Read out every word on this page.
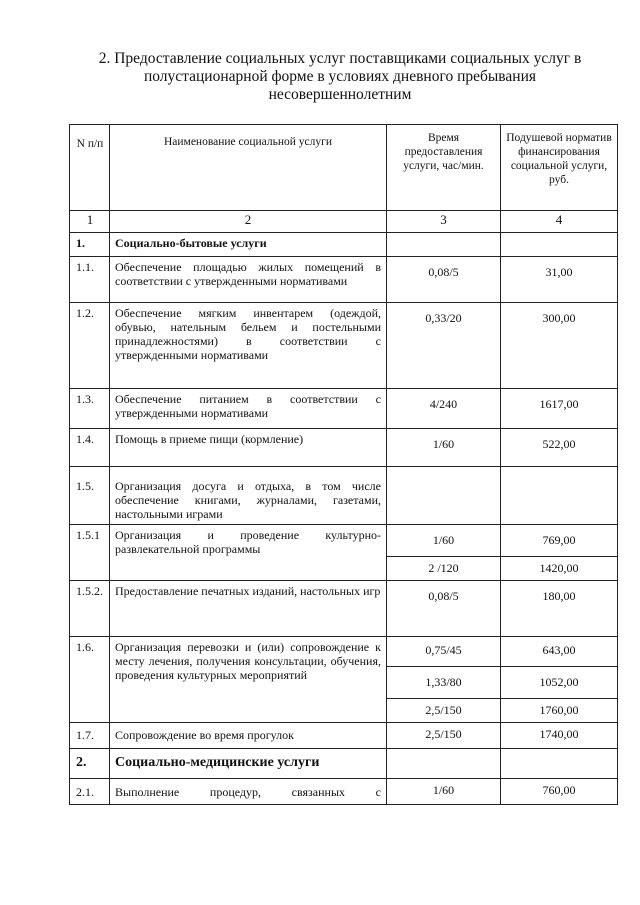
2. Предоставление социальных услуг поставщиками социальных услуг в
полустационарной форме в условиях дневного пребывания
несовершеннолетним
N п/п	Наименование социальной услуги	Время предоставления услуги, час/мин.	Подушевой норматив финансирования социальной услуги, руб.
1	2	3	4
1.	Социально-бытовые услуги		
1.1.	Обеспечение площадью жилых помещений в соответствии с утвержденными нормативами	0,08/5	31,00
1.2.	Обеспечение мягким инвентарем (одеждой, обувью, нательным бельем и постельными принадлежностями) в соответствии с утвержденными нормативами	0,33/20	300,00
1.3.	Обеспечение питанием в соответствии с утвержденными нормативами	4/240	1617,00
1.4.	Помощь в приеме пищи (кормление)	1/60	522,00
1.5.	Организация досуга и отдыха, в том числе обеспечение книгами, журналами, газетами, настольными играми		
1.5.1	Организация и проведение культурно-развлекательной программы	1/60	769,00
		2 /120	1420,00
1.5.2.	Предоставление печатных изданий, настольных игр	0,08/5	180,00
1.6.	Организация перевозки и (или) сопровождение к месту лечения, получения консультации, обучения, проведения культурных мероприятий	0,75/45	643,00
		1,33/80	1052,00
		2,5/150	1760,00
1.7.	Сопровождение во время прогулок	2,5/150	1740,00
2.	Социально-медицинские услуги		
2.1.	Выполнение процедур, связанных с	1/60	760,00
